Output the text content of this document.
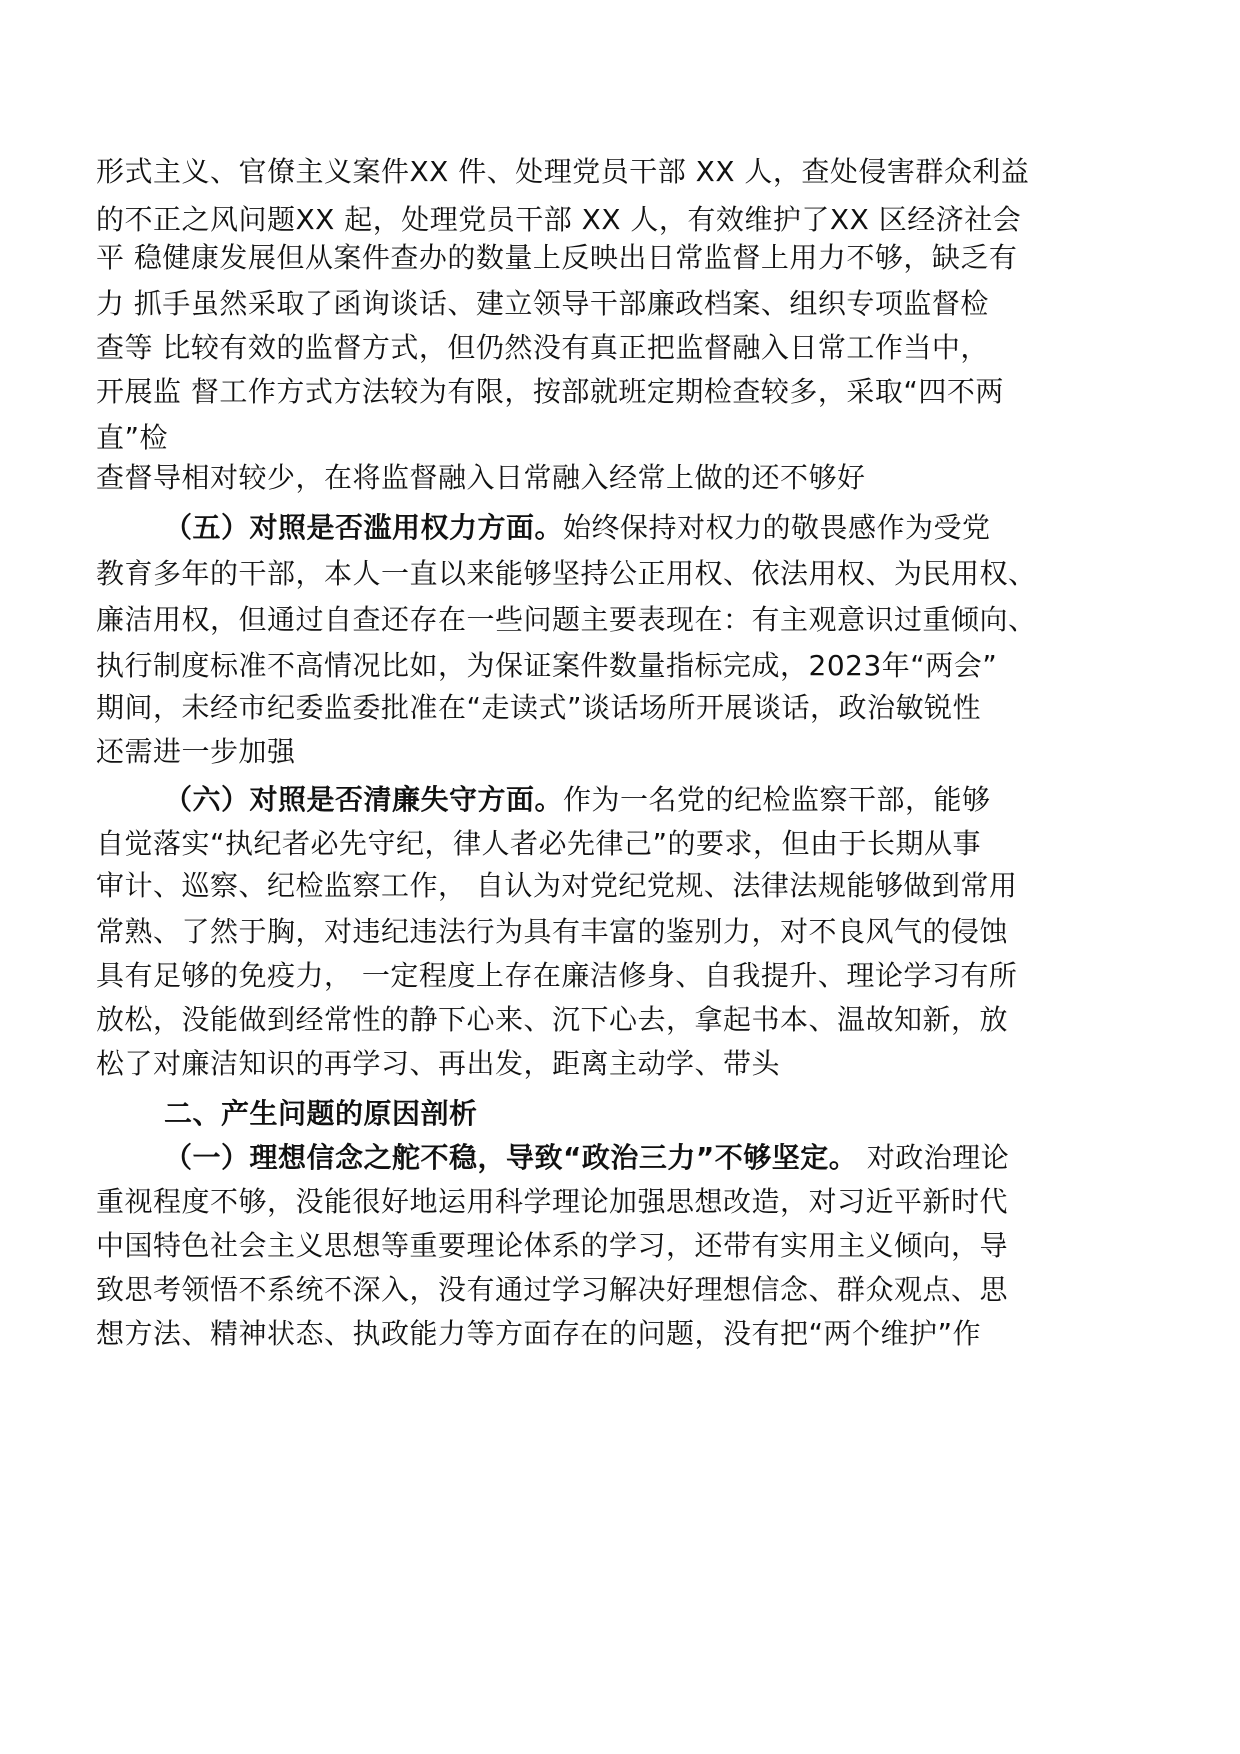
形式主义、官僚主义案件XX 件、处理党员干部 XX 人，查处侵害群众利益
的不正之风问题XX 起，处理党员干部 XX 人，有效维护了XX 区经济社会
平 稳健康发展但从案件查办的数量上反映出日常监督上用力不够，缺乏有
力 抓手虽然采取了函询谈话、建立领导干部廉政档案、组织专项监督检
查等 比较有效的监督方式，但仍然没有真正把监督融入日常工作当中，
开展监 督工作方式方法较为有限，按部就班定期检查较多，采取“四不两
直”检
查督导相对较少，在将监督融入日常融入经常上做的还不够好
（五）对照是否滥用权力方面。始终保持对权力的敬畏感作为受党
教育多年的干部，本人一直以来能够坚持公正用权、依法用权、为民用权、
廉洁用权，但通过自查还存在一些问题主要表现在：有主观意识过重倾向、
执行制度标准不高情况比如，为保证案件数量指标完成，2023年“两会”
期间，未经市纪委监委批准在“走读式”谈话场所开展谈话，政治敏锐性
还需进一步加强
（六）对照是否清廉失守方面。作为一名党的纪检监察干部，能够
自觉落实“执纪者必先守纪，律人者必先律己”的要求，但由于长期从事
审计、巡察、纪检监察工作， 自认为对党纪党规、法律法规能够做到常用
常熟、了然于胸，对违纪违法行为具有丰富的鉴别力，对不良风气的侵蚀
具有足够的免疫力， 一定程度上存在廉洁修身、自我提升、理论学习有所
放松，没能做到经常性的静下心来、沉下心去，拿起书本、温故知新，放
松了对廉洁知识的再学习、再出发，距离主动学、带头
二、产生问题的原因剖析
（一）理想信念之舵不稳，导致“政治三力”不够坚定。 对政治理论
重视程度不够，没能很好地运用科学理论加强思想改造，对习近平新时代
中国特色社会主义思想等重要理论体系的学习，还带有实用主义倾向，导
致思考领悟不系统不深入，没有通过学习解决好理想信念、群众观点、思
想方法、精神状态、执政能力等方面存在的问题，没有把“两个维护”作
